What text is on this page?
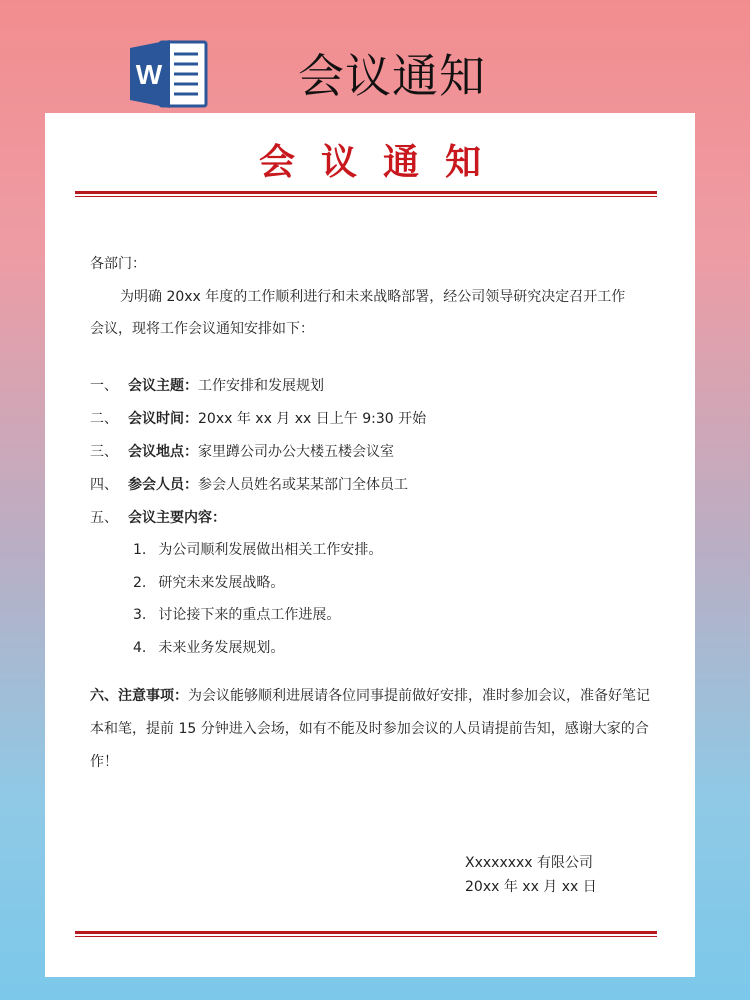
W	会议通知
会议通知
各部门：
为明确 20xx 年度的工作顺利进行和未来战略部署，经公司领导研究决定召开工作
会议，现将工作会议通知安排如下：
一、 会议主题：工作安排和发展规划
二、 会议时间：20xx 年 xx 月 xx 日上午 9:30 开始
三、 会议地点：家里蹲公司办公大楼五楼会议室
四、 参会人员：参会人员姓名或某某部门全体员工
五、 会议主要内容：
1. 为公司顺利发展做出相关工作安排。
2. 研究未来发展战略。
3. 讨论接下来的重点工作进展。
4. 未来业务发展规划。
六、注意事项：为会议能够顺利进展请各位同事提前做好安排，准时参加会议，准备好笔记本和笔，提前 15 分钟进入会场，如有不能及时参加会议的人员请提前告知，感谢大家的合作！
Xxxxxxxx 有限公司
20xx 年 xx 月 xx 日
